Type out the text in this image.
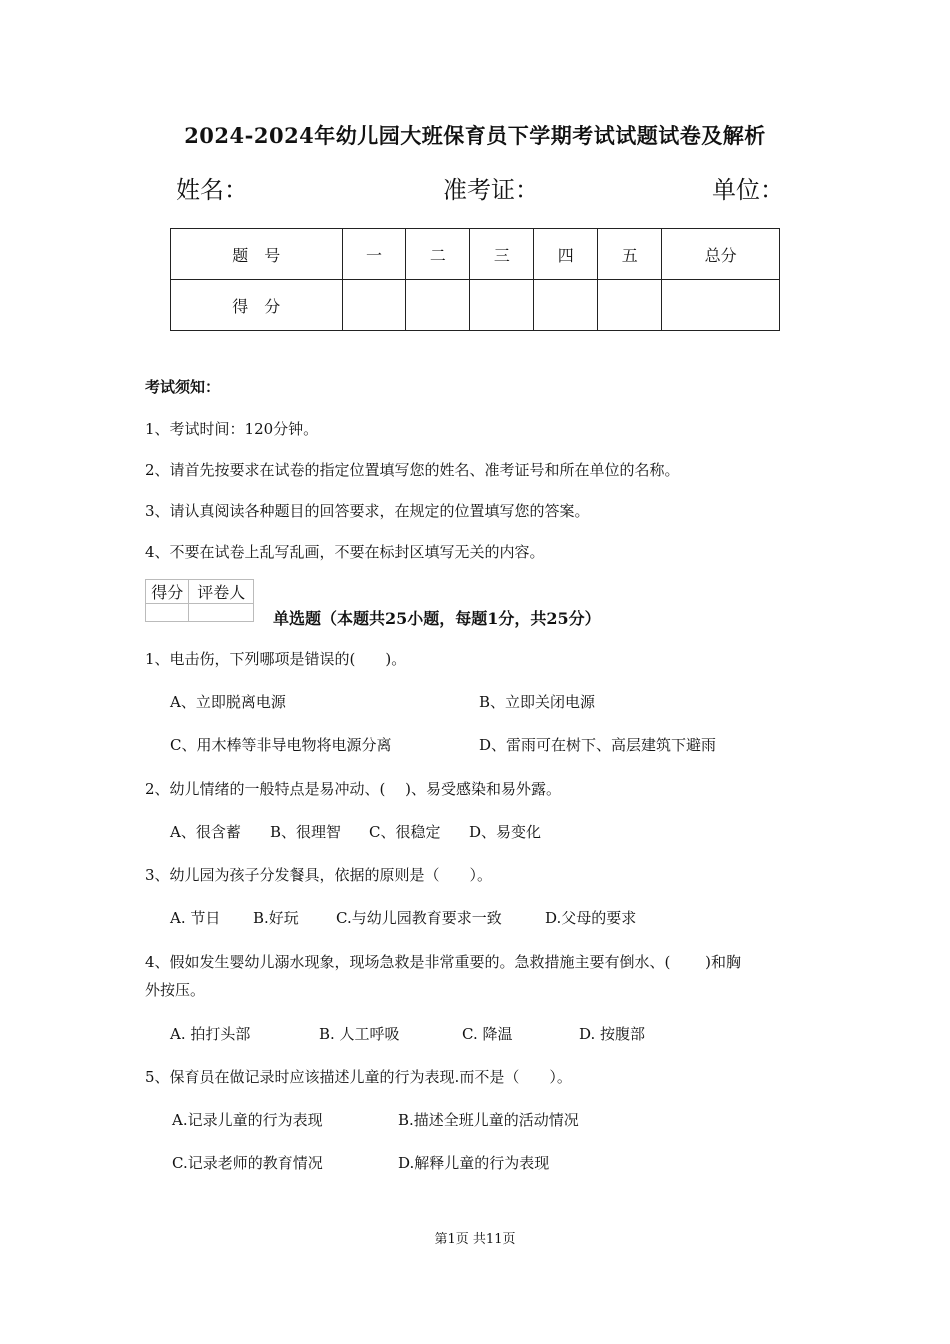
2024-2024年幼儿园大班保育员下学期考试试题试卷及解析
姓名：	准考证：	单位：
题　号	一	二	三	四	五	总分
得　分						
考试须知：
1、考试时间：120分钟。
2、请首先按要求在试卷的指定位置填写您的姓名、准考证号和所在单位的名称。
3、请认真阅读各种题目的回答要求，在规定的位置填写您的答案。
4、不要在试卷上乱写乱画，不要在标封区填写无关的内容。
得分	评卷人

单选题（本题共25小题，每题1分，共25分）
1、电击伤，下列哪项是错误的(　　)。
A、立即脱离电源	B、立即关闭电源
C、用木棒等非导电物将电源分离	D、雷雨可在树下、高层建筑下避雨
2、幼儿情绪的一般特点是易冲动、(　 )、易受感染和易外露。
A、很含蓄 B、很理智 C、很稳定 D、易变化
3、幼儿园为孩子分发餐具，依据的原则是（　　）。
A. 节日 B.好玩 C.与幼儿园教育要求一致	D.父母的要求
4、假如发生婴幼儿溺水现象，现场急救是非常重要的。急救措施主要有倒水、(　　 )和胸
外按压。
A. 拍打头部	B. 人工呼吸	C. 降温	D. 按腹部
5、保育员在做记录时应该描述儿童的行为表现.而不是（　　）。
A.记录儿童的行为表现	B.描述全班儿童的活动情况
C.记录老师的教育情况	D.解释儿童的行为表现
第1页 共11页
